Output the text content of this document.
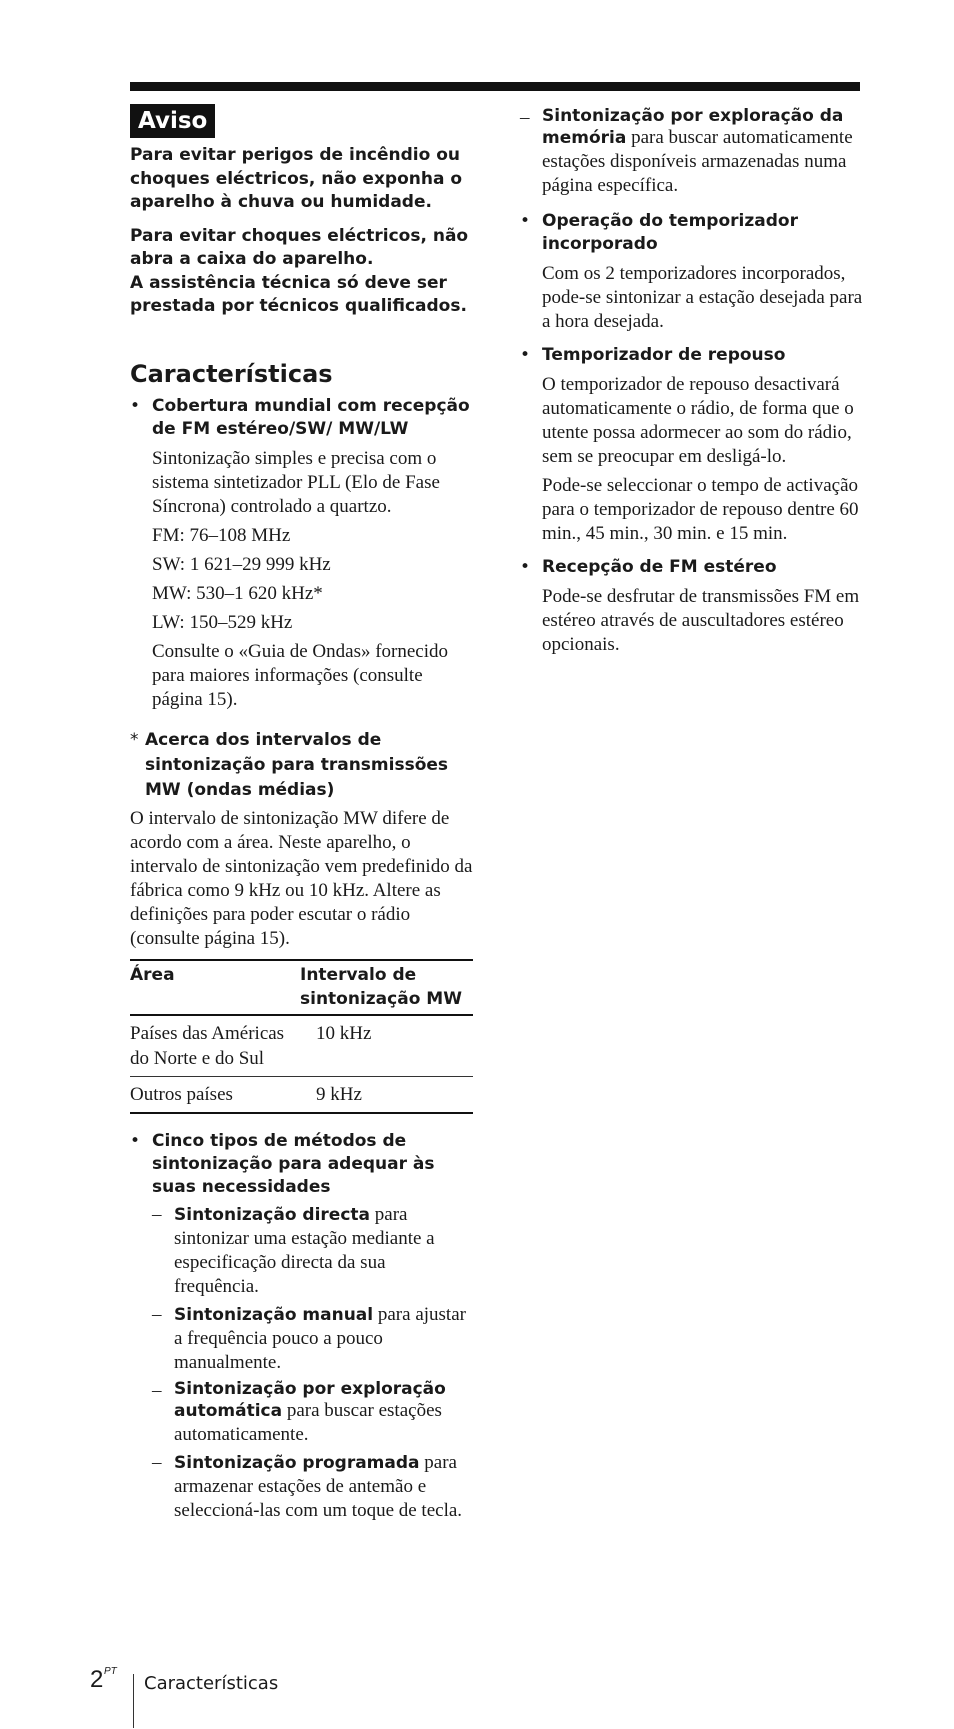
Aviso
Para evitar perigos de incêndio ou
choques eléctricos, não exponha o
aparelho à chuva ou humidade.
Para evitar choques eléctricos, não
abra a caixa do aparelho.
A assistência técnica só deve ser
prestada por técnicos qualificados.
Características
• Cobertura mundial com recepção de FM estéreo/SW/ MW/LW

Sintonização simples e precisa com o sistema sintetizador PLL (Elo de Fase Síncrona) controlado a quartzo.

FM: 76–108 MHz

SW: 1 621–29 999 kHz

MW: 530–1 620 kHz*

LW: 150–529 kHz

Consulte o «Guia de Ondas» fornecido para maiores informações (consulte página 15).

* Acerca dos intervalos de sintonização para transmissões MW (ondas médias)

O intervalo de sintonização MW difere de acordo com a área. Neste aparelho, o intervalo de sintonização vem predefinido da fábrica como 9 kHz ou 10 kHz. Altere as definições para poder escutar o rádio (consulte página 15).

Área	Intervalo de sintonização MW
Países das Américas do Norte e do Sul	10 kHz
Outros países	9 kHz
• Cinco tipos de métodos de sintonização para adequar às suas necessidades
– Sintonização directa para sintonizar uma estação mediante a especificação directa da sua frequência.
– Sintonização manual para ajustar a frequência pouco a pouco manualmente.
– Sintonização por exploração automática para buscar estações automaticamente.
– Sintonização programada para armazenar estações de antemão e seleccioná-las com um toque de tecla.
– Sintonização por exploração da memória para buscar automaticamente estações disponíveis armazenadas numa página específica.
• Operação do temporizador incorporado

Com os 2 temporizadores incorporados, pode-se sintonizar a estação desejada para a hora desejada.

• Temporizador de repouso

O temporizador de repouso desactivará automaticamente o rádio, de forma que o utente possa adormecer ao som do rádio, sem se preocupar em desligá-lo.

Pode-se seleccionar o tempo de activação para o temporizador de repouso dentre 60 min., 45 min., 30 min. e 15 min.

• Recepção de FM estéreo

Pode-se desfrutar de transmissões FM em estéreo através de auscultadores estéreo opcionais.

2 PT
Características
